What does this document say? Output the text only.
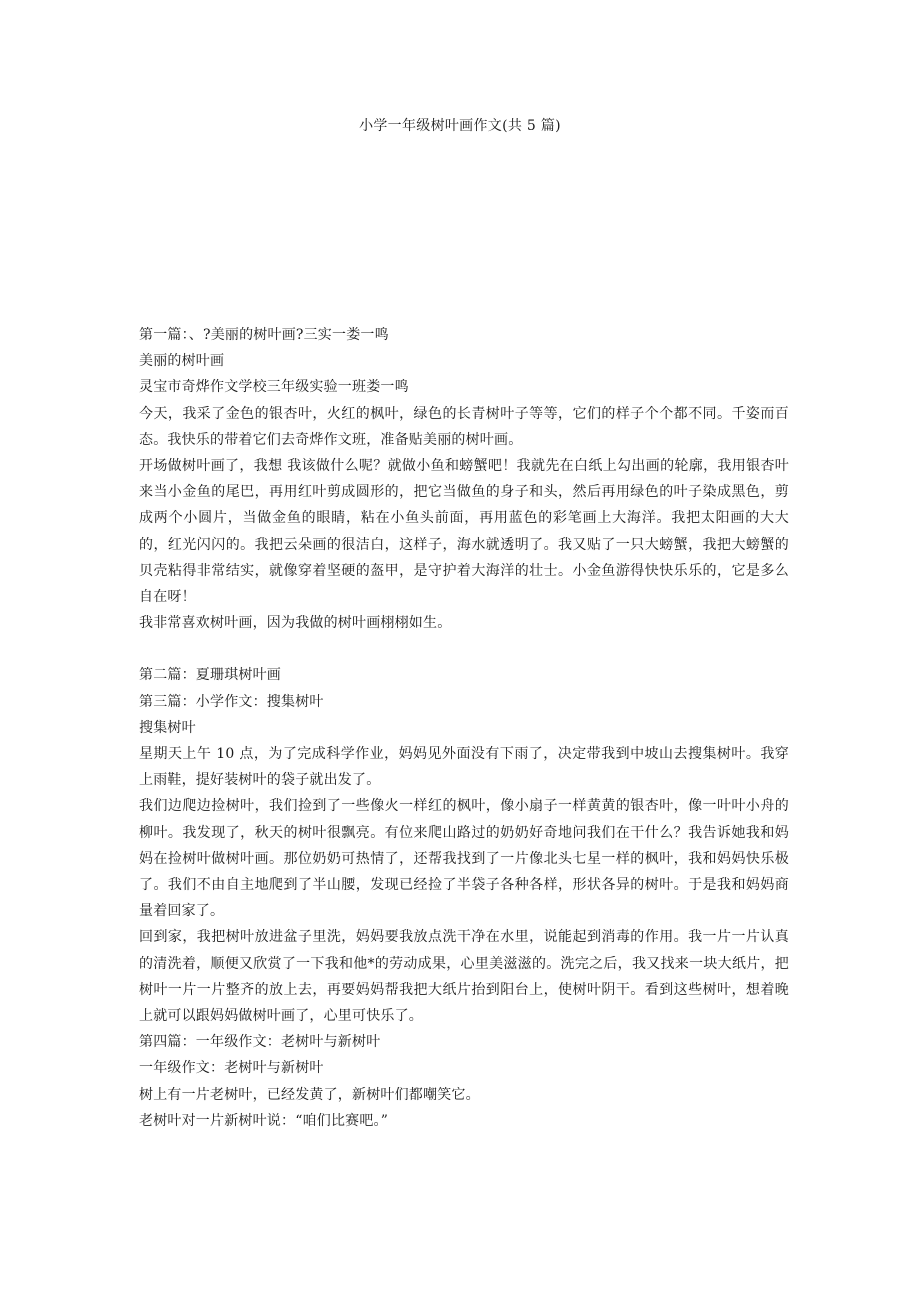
小学一年级树叶画作文(共 5 篇)

第一篇：、?美丽的树叶画?三实一娄一鸣

美丽的树叶画

灵宝市奇烨作文学校三年级实验一班娄一鸣

今天，我采了金色的银杏叶，火红的枫叶，绿色的长青树叶子等等，它们的样子个个都不同。千姿而百态。我快乐的带着它们去奇烨作文班，准备贴美丽的树叶画。

开场做树叶画了，我想 我该做什么呢？就做小鱼和螃蟹吧！我就先在白纸上勾出画的轮廓，我用银杏叶来当小金鱼的尾巴，再用红叶剪成圆形的，把它当做鱼的身子和头，然后再用绿色的叶子染成黑色，剪成两个小圆片，当做金鱼的眼睛，粘在小鱼头前面，再用蓝色的彩笔画上大海洋。我把太阳画的大大的，红光闪闪的。我把云朵画的很洁白，这样子，海水就透明了。我又贴了一只大螃蟹，我把大螃蟹的贝壳粘得非常结实，就像穿着坚硬的盔甲，是守护着大海洋的壮士。小金鱼游得快快乐乐的，它是多么自在呀！

我非常喜欢树叶画，因为我做的树叶画栩栩如生。

第二篇：夏珊琪树叶画

第三篇：小学作文：搜集树叶

搜集树叶

星期天上午 10 点，为了完成科学作业，妈妈见外面没有下雨了，决定带我到中坡山去搜集树叶。我穿上雨鞋，提好装树叶的袋子就出发了。

我们边爬边捡树叶，我们捡到了一些像火一样红的枫叶，像小扇子一样黄黄的银杏叶，像一叶叶小舟的柳叶。我发现了，秋天的树叶很飘亮。有位来爬山路过的奶奶好奇地问我们在干什么？我告诉她我和妈妈在捡树叶做树叶画。那位奶奶可热情了，还帮我找到了一片像北头七星一样的枫叶，我和妈妈快乐极了。我们不由自主地爬到了半山腰，发现已经捡了半袋子各种各样，形状各异的树叶。于是我和妈妈商量着回家了。

回到家，我把树叶放进盆子里洗，妈妈要我放点洗干净在水里，说能起到消毒的作用。我一片一片认真的清洗着，顺便又欣赏了一下我和他*的劳动成果，心里美滋滋的。洗完之后，我又找来一块大纸片，把树叶一片一片整齐的放上去，再要妈妈帮我把大纸片抬到阳台上，使树叶阴干。看到这些树叶，想着晚上就可以跟妈妈做树叶画了，心里可快乐了。

第四篇：一年级作文：老树叶与新树叶

一年级作文：老树叶与新树叶

树上有一片老树叶，已经发黄了，新树叶们都嘲笑它。

老树叶对一片新树叶说：“咱们比赛吧。”
